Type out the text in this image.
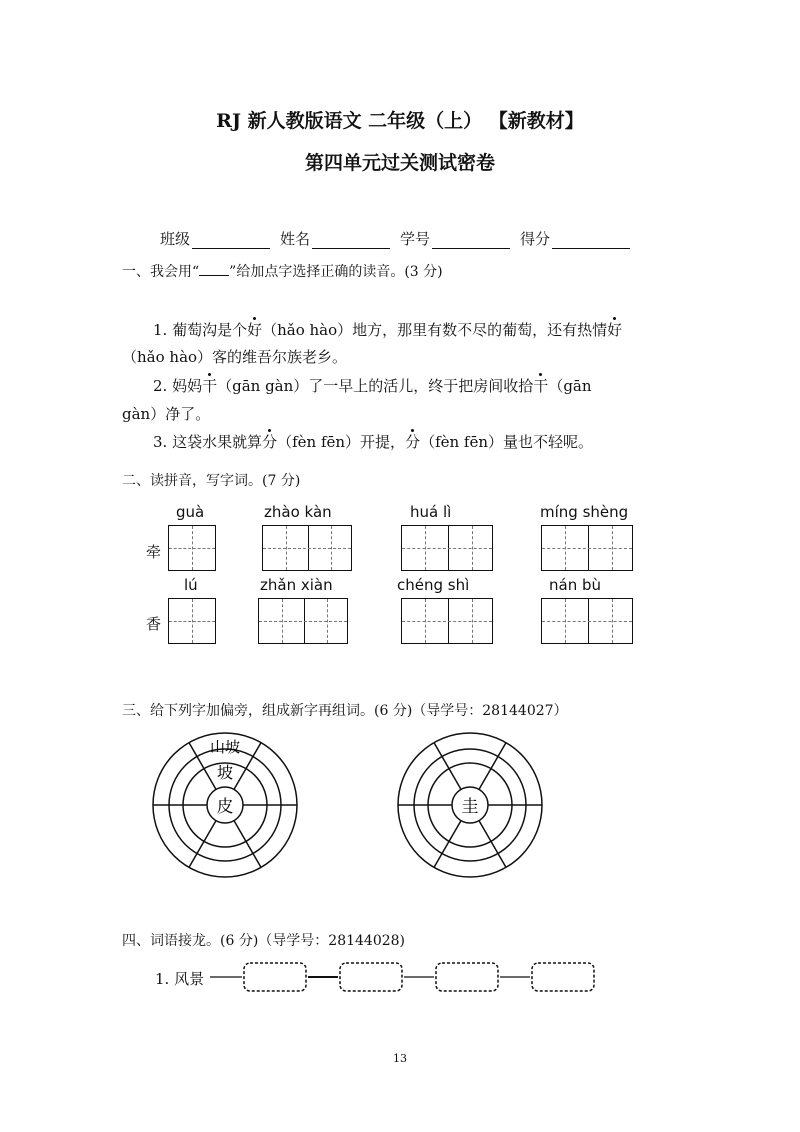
RJ 新人教版语文 二年级（上） 【新教材】
第四单元过关测试密卷
班级	姓名	学号	得分
一、我会用“ ”给加点字选择正确的读音。(3 分)
1. 葡萄沟是个好（hǎo hào）地方，那里有数不尽的葡萄，还有热情好
（hǎo hào）客的维吾尔族老乡。
2. 妈妈干（gān gàn）了一早上的活儿，终于把房间收拾干（gān
gàn）净了。
3. 这袋水果就算分（fèn fēn）开提，分（fèn fēn）量也不轻呢。
二、读拼音，写字词。(7 分)
guà	zhào kàn	huá lì	míng shèng
牵
lú	zhǎn xiàn	chéng shì	nán bù
香
三、给下列字加偏旁，组成新字再组词。(6 分)（导学号：28144027）
皮
坡
山坡
圭
四、词语接龙。(6 分)（导学号：28144028)
1. 风景
13
